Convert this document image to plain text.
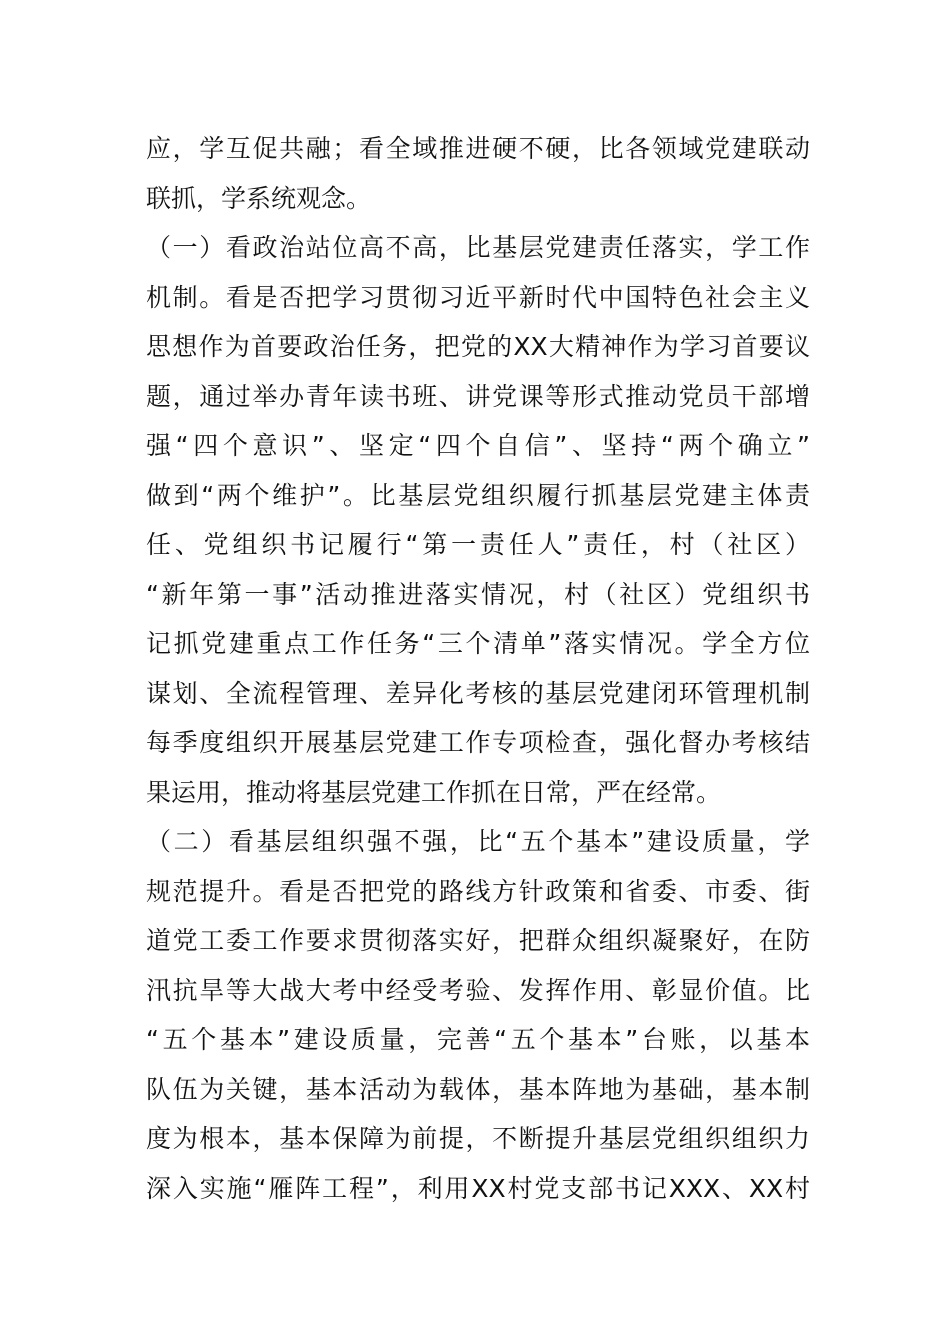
应，学互促共融；看全域推进硬不硬，比各领域党建联动
联抓，学系统观念。
（一）看政治站位高不高，比基层党建责任落实，学工作
机制。看是否把学习贯彻习近平新时代中国特色社会主义
思想作为首要政治任务，把党的XX大精神作为学习首要议
题，通过举办青年读书班、讲党课等形式推动党员干部增
强“四个意识”、坚定“四个自信”、坚持“两个确立”
做到“两个维护”。比基层党组织履行抓基层党建主体责
任、党组织书记履行“第一责任人”责任，村（社区）
“新年第一事”活动推进落实情况，村（社区）党组织书
记抓党建重点工作任务“三个清单”落实情况。学全方位
谋划、全流程管理、差异化考核的基层党建闭环管理机制
每季度组织开展基层党建工作专项检查，强化督办考核结
果运用，推动将基层党建工作抓在日常，严在经常。
（二）看基层组织强不强，比“五个基本”建设质量，学
规范提升。看是否把党的路线方针政策和省委、市委、街
道党工委工作要求贯彻落实好，把群众组织凝聚好，在防
汛抗旱等大战大考中经受考验、发挥作用、彰显价值。比
“五个基本”建设质量，完善“五个基本”台账，以基本
队伍为关键，基本活动为载体，基本阵地为基础，基本制
度为根本，基本保障为前提，不断提升基层党组织组织力
深入实施“雁阵工程”，利用XX村党支部书记XXX、XX村
